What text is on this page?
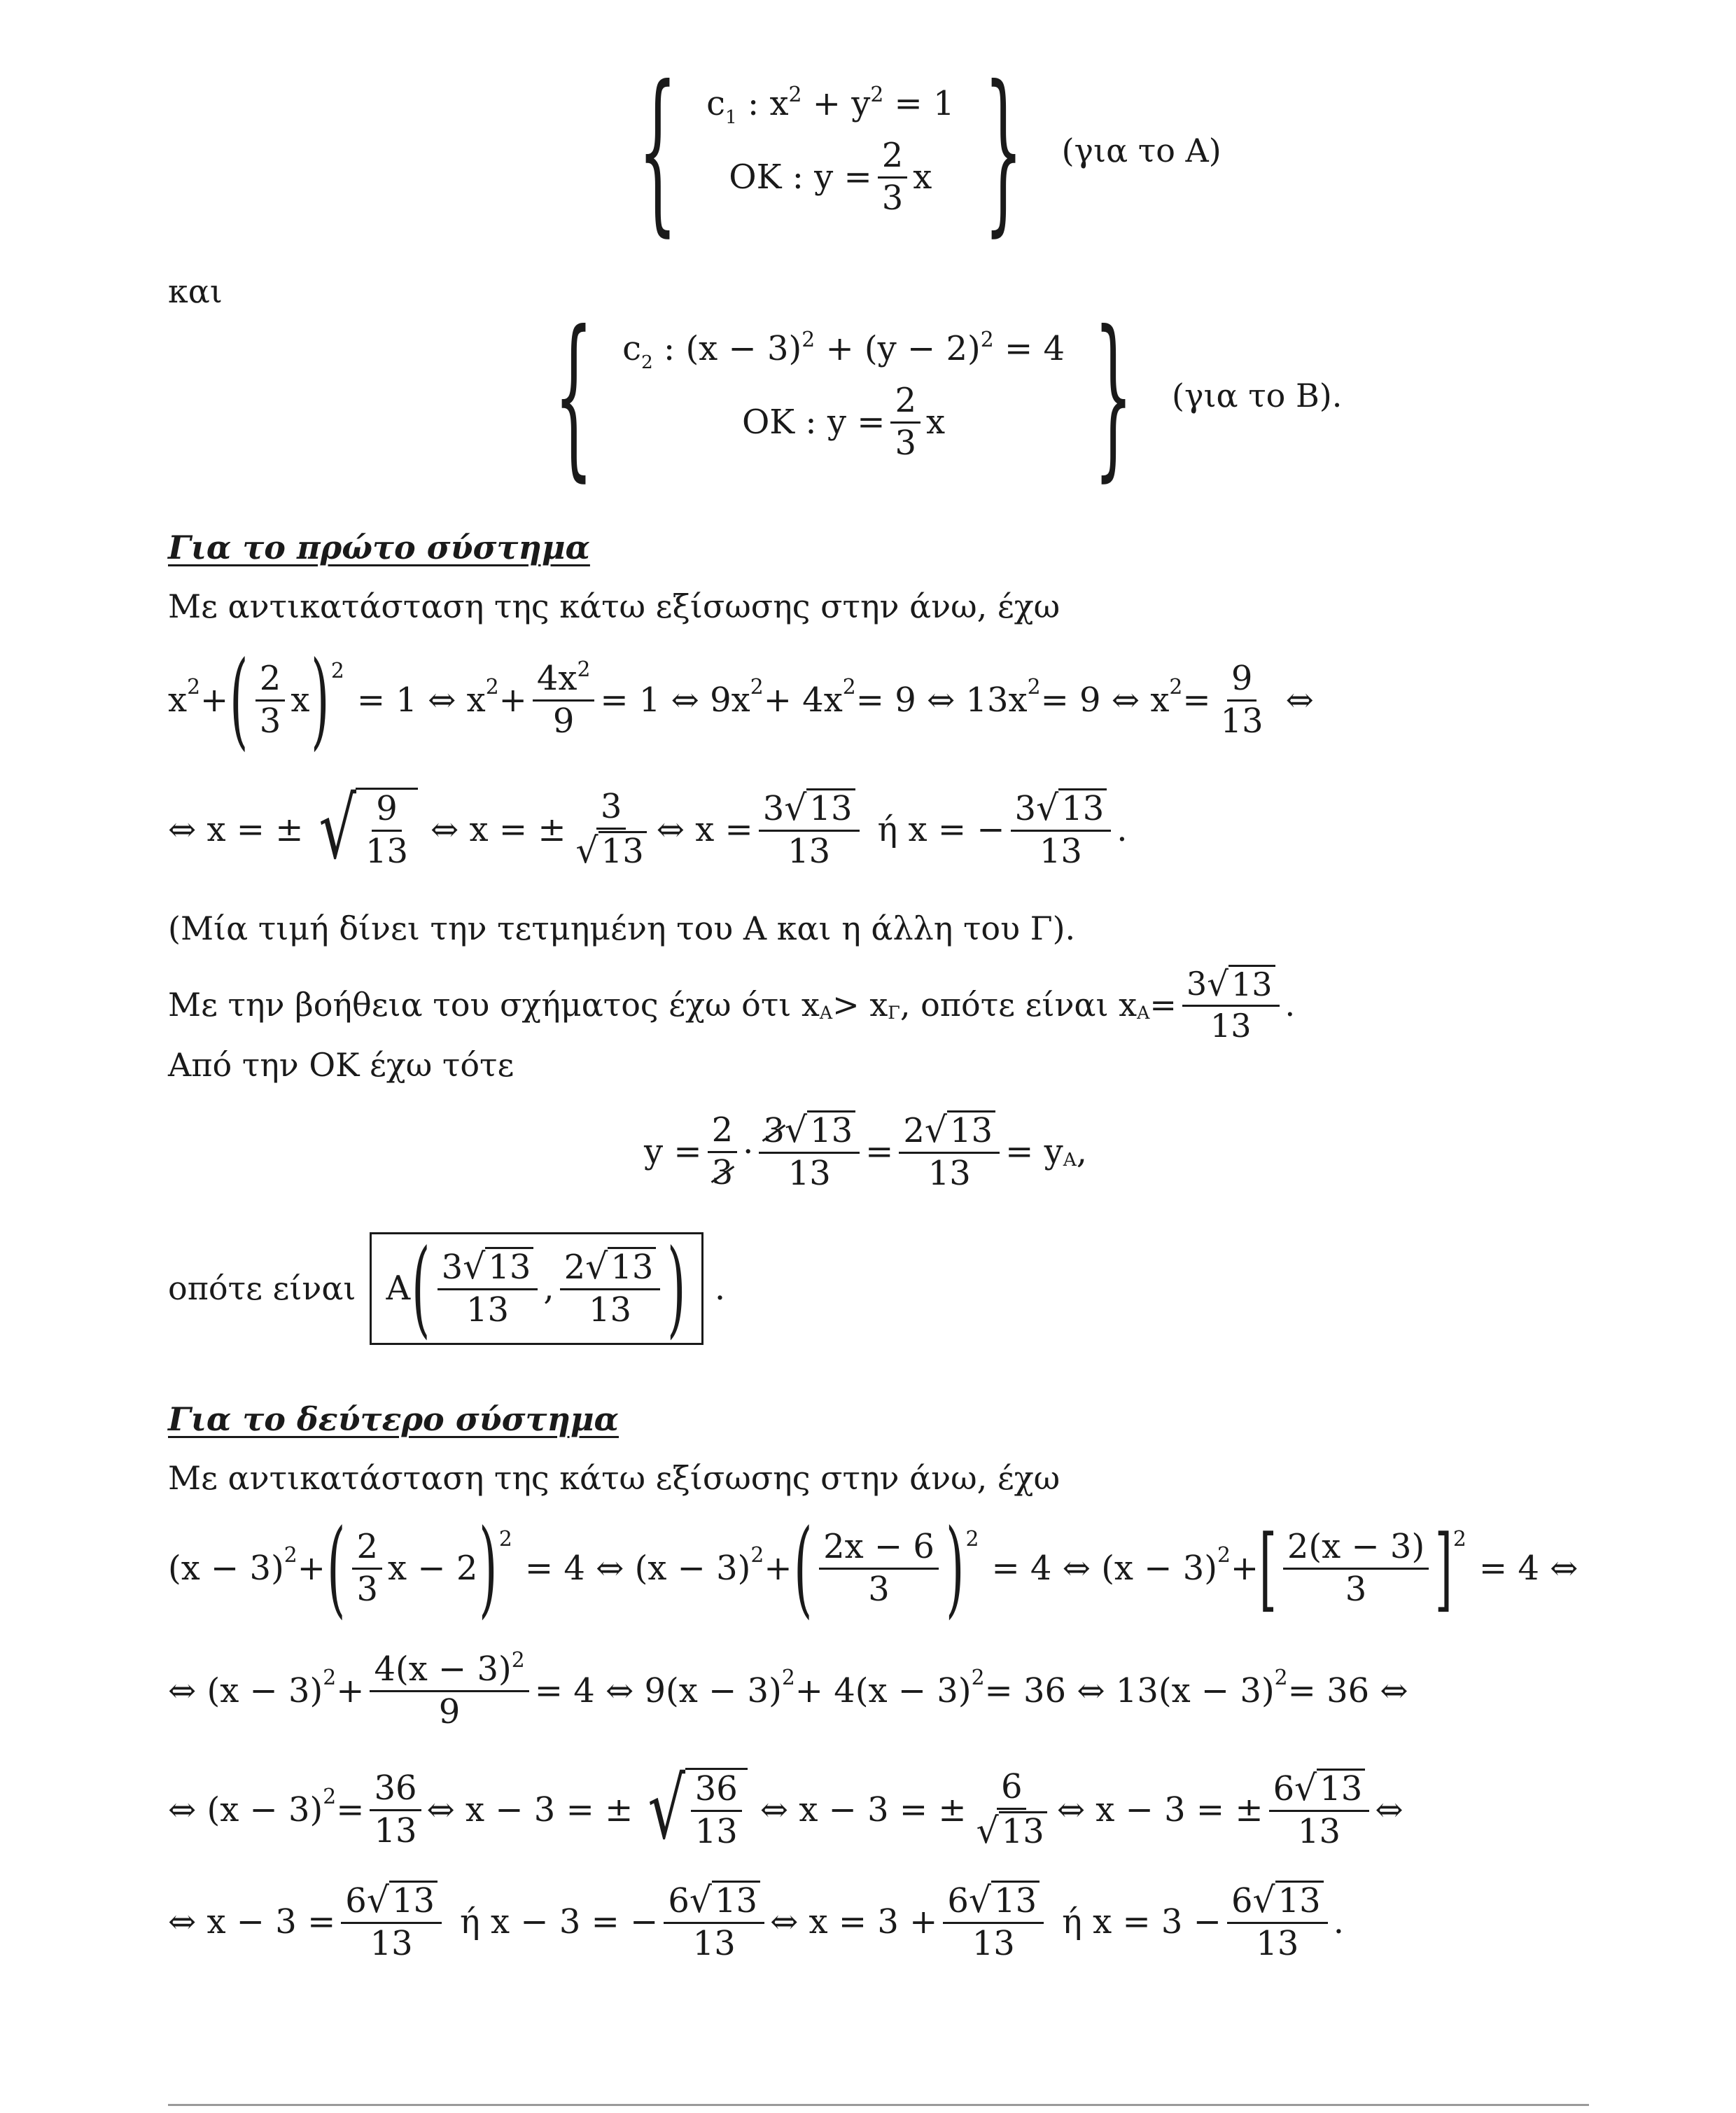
{ $c_1$ : $x^2 + y^2 = 1$
OK : $y = \frac{2}{3}$ x } (για το Α)
και
{ $c_2$ : $(x - 3)^2 + (y - 2)^2 = 4$
OK : $y = \frac{2}{3}$ x } (για το Β).
Για το πρώτο σύστημα
Με αντικατάσταση της κάτω εξίσωσης στην άνω, έχω
x 2 + ( $\frac{2}{3}$ x ) 2
= 1 ⇔ x $2 + \frac{4x^2}{9} = 1$ ⇔ 9x 2 + 4x 2 = 9 ⇔ 13x 2 = 9 ⇔ x $2 = \frac{9}{13}$ ⇔
⇔ x = ± √ $\frac{9}{13}$ ⇔ x = ± $\frac{3}{√ 13}$ ⇔ $x = \frac{3 √ 13}{13}$ ή x = − $\frac{3 √ 13}{13}$ .
(Μία τιμή δίνει την τετμημένη του Α και η άλλη του Γ).
Με την βοήθεια του σχήματος έχω ότι x Α > x Γ , οπότε είναι x $A = \frac{3 √ 13}{13}$ .
Από την ΟΚ έχω τότε
$y = \frac{2}{3} \cdot \frac{3 √ 13}{13} = \frac{2 √ 13}{13} = y$ Α ,
οπότε είναι Α ( $\frac{3 √ 13}{13}$ , $\frac{2 √ 13}{13}$ ) .
Για το δεύτερο σύστημα
Με αντικατάσταση της κάτω εξίσωσης στην άνω, έχω
(x − 3) 2 + ( $\frac{2}{3}$ x − 2 ) 2
= 4 ⇔ (x − 3) 2 + ( $\frac{2x - 6}{3}$ ) 2
= 4 ⇔ (x − 3) 2 + [ $\frac{2(x - 3)}{3}$ ] 2
= 4 ⇔
⇔ (x − 3) $2 + \frac{4(x - 3)^2}{9} = 4$ ⇔ 9(x − 3) 2 + 4(x − 3) 2 = 36 ⇔ 13(x − 3) 2 = 36 ⇔
⇔ (x − 3) $2 = \frac{36}{13}$ ⇔ x − 3 = ± √ $\frac{36}{13}$ ⇔ x − 3 = ± $\frac{6}{√ 13}$ ⇔ x − 3 = ± $\frac{6 √ 13}{13}$ ⇔
⇔ $x - 3 = \frac{6 √ 13}{13}$ ή x − 3 = − $\frac{6 √ 13}{13}$ ⇔ $x = 3 + \frac{6 √ 13}{13}$ ή $x = 3 - \frac{6 √ 13}{13}$ .
